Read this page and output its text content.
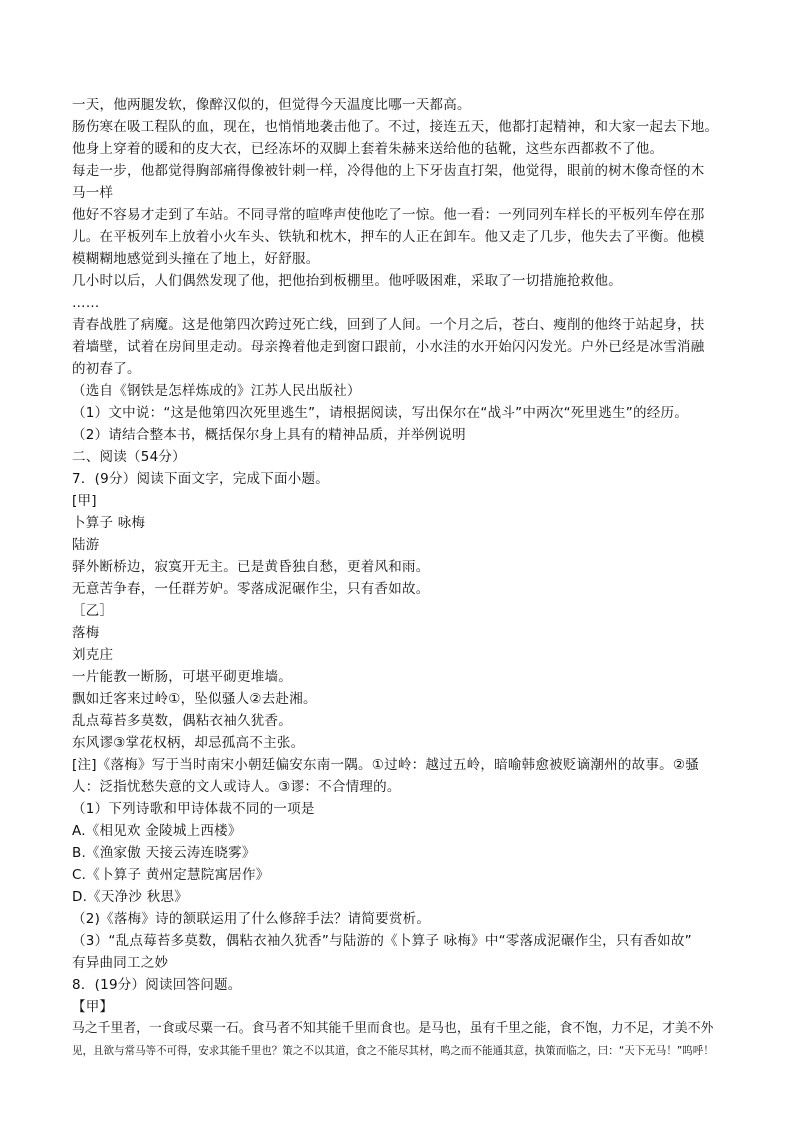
一天，他两腿发软，像醉汉似的，但觉得今天温度比哪一天都高。

肠伤寒在吸工程队的血，现在，也悄悄地袭击他了。不过，接连五天，他都打起精神，和大家一起去下地。

他身上穿着的暖和的皮大衣，已经冻坏的双脚上套着朱赫来送给他的毡靴，这些东西都救不了他。

每走一步，他都觉得胸部痛得像被针刺一样，冷得他的上下牙齿直打架，他觉得，眼前的树木像奇怪的木

马一样

他好不容易才走到了车站。不同寻常的喧哗声使他吃了一惊。他一看：一列同列车样长的平板列车停在那

儿。在平板列车上放着小火车头、铁轨和枕木，押车的人正在卸车。他又走了几步，他失去了平衡。他模

模糊糊地感觉到头撞在了地上，好舒服。

几小时以后，人们偶然发现了他，把他抬到板棚里。他呼吸困难，采取了一切措施抢救他。

……

青春战胜了病魔。这是他第四次跨过死亡线，回到了人间。一个月之后，苍白、瘦削的他终于站起身，扶

着墙壁，试着在房间里走动。母亲搀着他走到窗口跟前，小水洼的水开始闪闪发光。户外已经是冰雪消融

的初春了。

（选自《钢铁是怎样炼成的》江苏人民出版社）

（1）文中说：“这是他第四次死里逃生”，请根据阅读，写出保尔在“战斗”中两次“死里逃生”的经历。

（2）请结合整本书，概括保尔身上具有的精神品质，并举例说明

二、阅读（54分）

7．(9分）阅读下面文字，完成下面小题。

[甲]

卜算子 咏梅

陆游

驿外断桥边，寂寞开无主。已是黄昏独自愁，更着风和雨。

无意苦争春，一任群芳妒。零落成泥碾作尘，只有香如故。

［乙］

落梅

刘克庄

一片能教一断肠，可堪平砌更堆墙。

飘如迁客来过岭①，坠似骚人②去赴湘。

乱点莓苔多莫数，偶粘衣袖久犹香。

东风谬③掌花权柄，却忌孤高不主张。

[注]《落梅》写于当时南宋小朝廷偏安东南一隅。①过岭：越过五岭，暗喻韩愈被贬谪潮州的故事。②骚

人：泛指忧愁失意的文人或诗人。③谬：不合情理的。

（1）下列诗歌和甲诗体裁不同的一项是

A.《相见欢 金陵城上西楼》

B.《渔家傲 天接云涛连晓雾》

C.《卜算子 黄州定慧院寓居作》

D.《天净沙 秋思》

（2)《落梅》诗的颔联运用了什么修辞手法？请简要赏析。

（3）“乱点莓苔多莫数，偶粘衣袖久犹香”与陆游的《卜算子 咏梅》中“零落成泥碾作尘，只有香如故”

有异曲同工之妙

8．(19分）阅读回答问题。

【甲】

马之千里者，一食或尽粟一石。食马者不知其能千里而食也。是马也，虽有千里之能，食不饱，力不足，才美不外

见，且欲与常马等不可得，安求其能千里也？策之不以其道，食之不能尽其材，鸣之而不能通其意，执策而临之，曰：“天下无马！”呜呼！
